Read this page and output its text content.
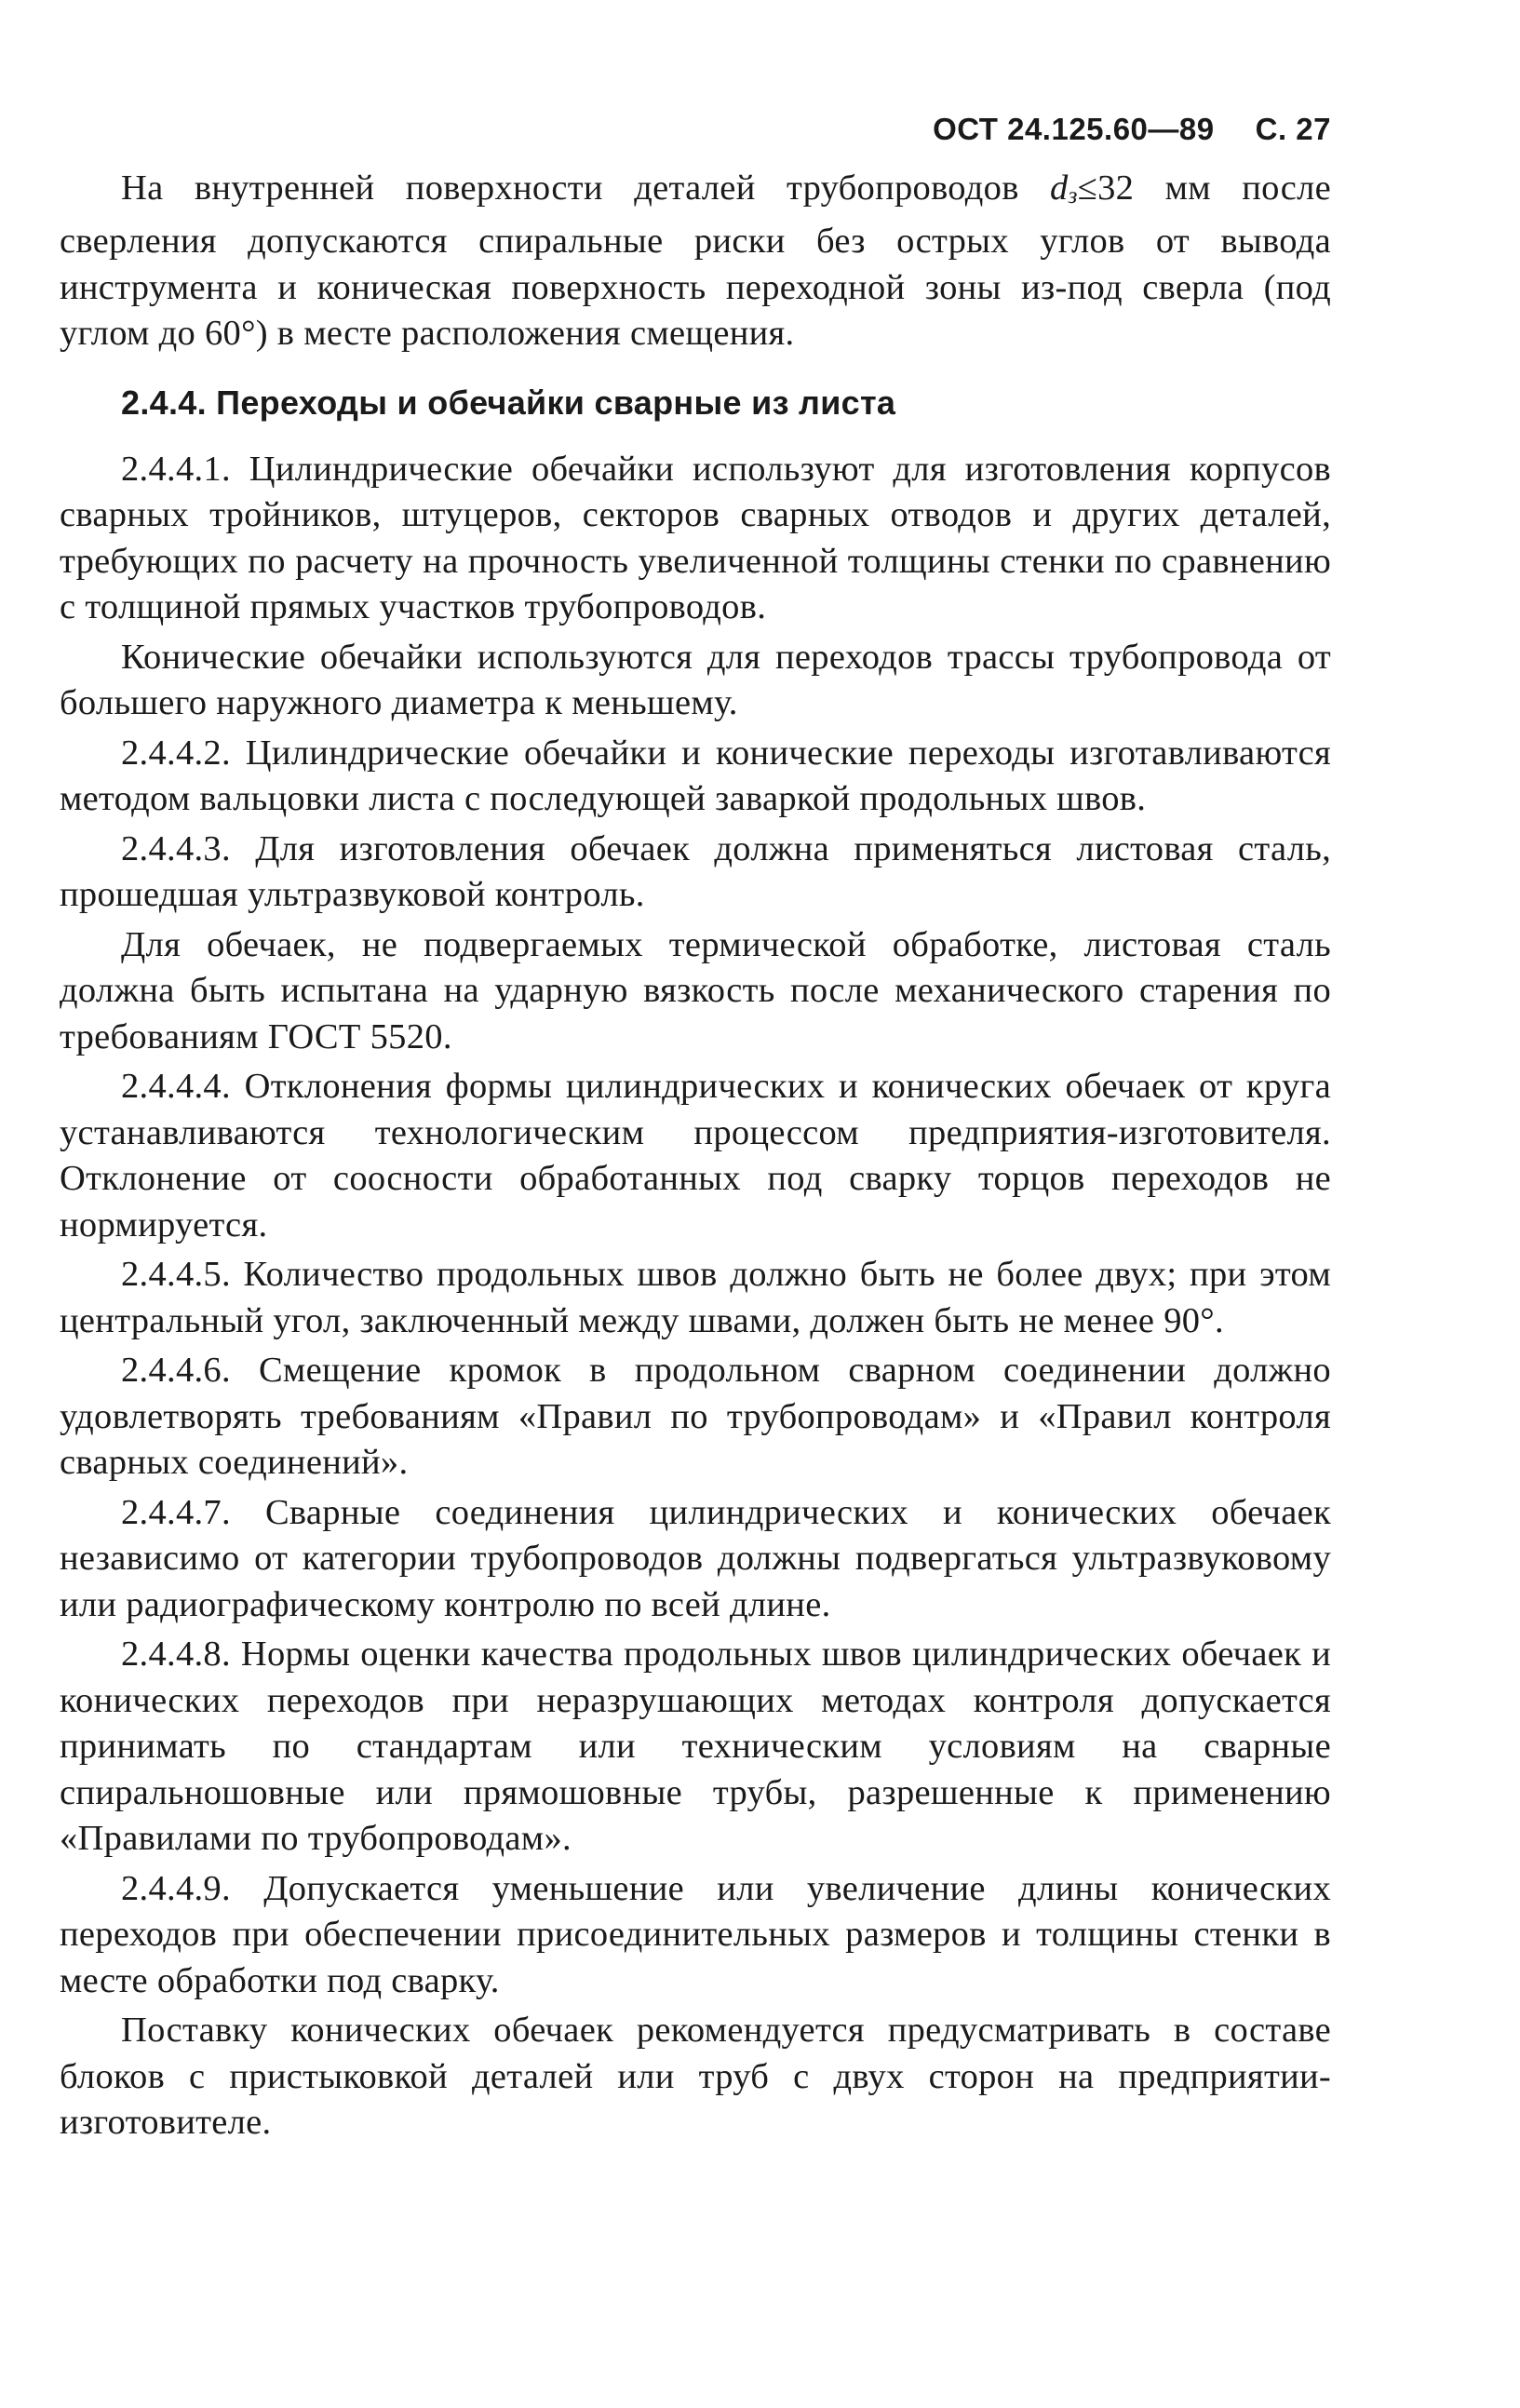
ОСТ 24.125.60—89 С. 27

На внутренней поверхности деталей трубопроводов dз≤32 мм после сверления допускаются спиральные риски без острых углов от вывода инструмента и коническая поверхность переходной зоны из-под сверла (под углом до 60°) в месте расположения смещения.

2.4.4. Переходы и обечайки сварные из листа

2.4.4.1. Цилиндрические обечайки используют для изготовления корпусов сварных тройников, штуцеров, секторов сварных отводов и других деталей, требующих по расчету на прочность увеличенной толщины стенки по сравнению с толщиной прямых участков трубопроводов.

Конические обечайки используются для переходов трассы трубопровода от большего наружного диаметра к меньшему.

2.4.4.2. Цилиндрические обечайки и конические переходы изготавливаются методом вальцовки листа с последующей заваркой продольных швов.

2.4.4.3. Для изготовления обечаек должна применяться листовая сталь, прошедшая ультразвуковой контроль.

Для обечаек, не подвергаемых термической обработке, листовая сталь должна быть испытана на ударную вязкость после механического старения по требованиям ГОСТ 5520.

2.4.4.4. Отклонения формы цилиндрических и конических обечаек от круга устанавливаются технологическим процессом предприятия-изготовителя. Отклонение от соосности обработанных под сварку торцов переходов не нормируется.

2.4.4.5. Количество продольных швов должно быть не более двух; при этом центральный угол, заключенный между швами, должен быть не менее 90°.

2.4.4.6. Смещение кромок в продольном сварном соединении должно удовлетворять требованиям «Правил по трубопроводам» и «Правил контроля сварных соединений».

2.4.4.7. Сварные соединения цилиндрических и конических обечаек независимо от категории трубопроводов должны подвергаться ультразвуковому или радиографическому контролю по всей длине.

2.4.4.8. Нормы оценки качества продольных швов цилиндрических обечаек и конических переходов при неразрушающих методах контроля допускается принимать по стандартам или техническим условиям на сварные спиральношовные или прямошовные трубы, разрешенные к применению «Правилами по трубопроводам».

2.4.4.9. Допускается уменьшение или увеличение длины конических переходов при обеспечении присоединительных размеров и толщины стенки в месте обработки под сварку.

Поставку конических обечаек рекомендуется предусматривать в составе блоков с пристыковкой деталей или труб с двух сторон на предприятии-изготовителе.
